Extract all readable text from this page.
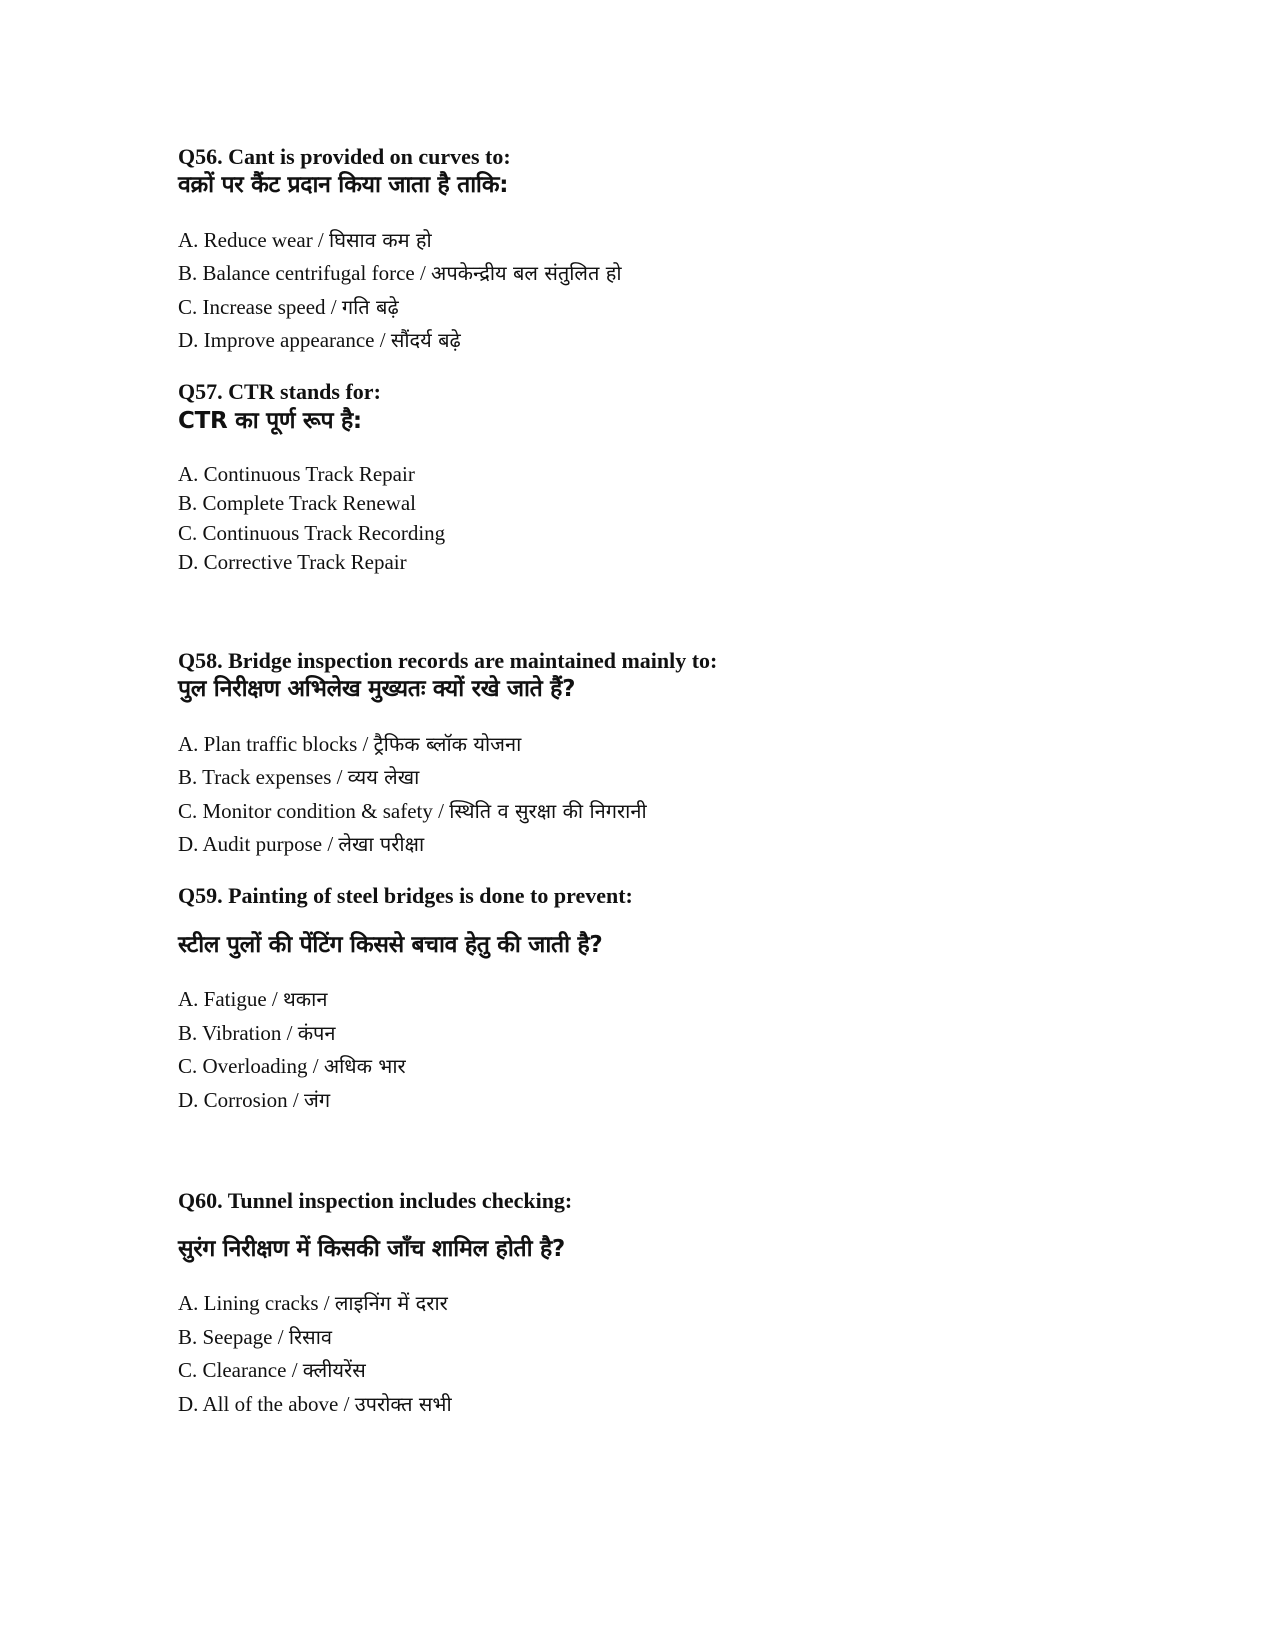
Q56. Cant is provided on curves to:
वक्रों पर कैंट प्रदान किया जाता है ताकि:
A. Reduce wear / घिसाव कम हो
B. Balance centrifugal force / अपकेन्द्रीय बल संतुलित हो
C. Increase speed / गति बढ़े
D. Improve appearance / सौंदर्य बढ़े
Q57. CTR stands for:
CTR का पूर्ण रूप है:
A. Continuous Track Repair
B. Complete Track Renewal
C. Continuous Track Recording
D. Corrective Track Repair
Q58. Bridge inspection records are maintained mainly to:
पुल निरीक्षण अभिलेख मुख्यतः क्यों रखे जाते हैं?
A. Plan traffic blocks / ट्रैफिक ब्लॉक योजना
B. Track expenses / व्यय लेखा
C. Monitor condition & safety / स्थिति व सुरक्षा की निगरानी
D. Audit purpose / लेखा परीक्षा
Q59. Painting of steel bridges is done to prevent:
स्टील पुलों की पेंटिंग किससे बचाव हेतु की जाती है?
A. Fatigue / थकान
B. Vibration / कंपन
C. Overloading / अधिक भार
D. Corrosion / जंग
Q60. Tunnel inspection includes checking:
सुरंग निरीक्षण में किसकी जाँच शामिल होती है?
A. Lining cracks / लाइनिंग में दरार
B. Seepage / रिसाव
C. Clearance / क्लीयरेंस
D. All of the above / उपरोक्त सभी
